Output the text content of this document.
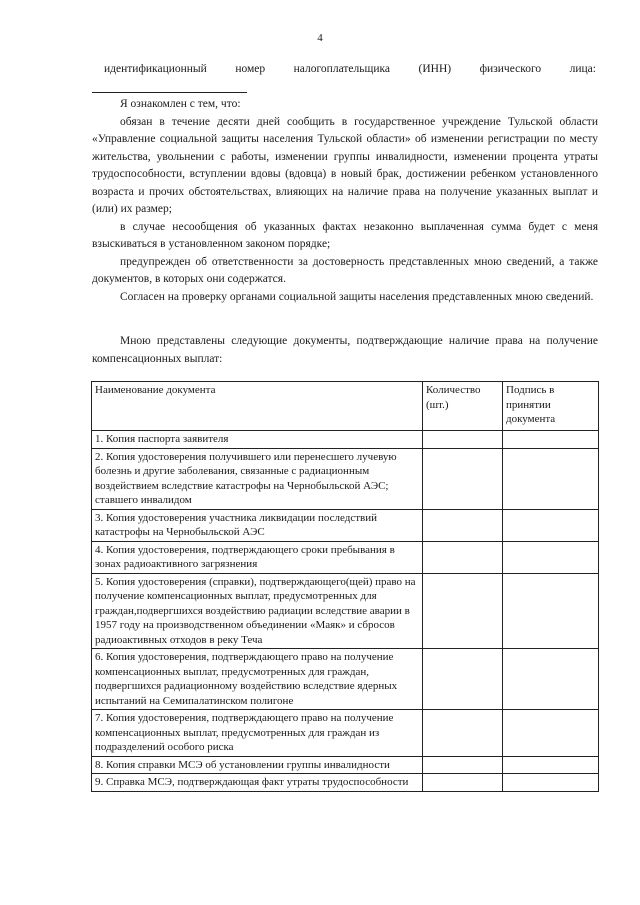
4
идентификационный номер налогоплательщика (ИНН) физического лица:

Я ознакомлен с тем, что:

обязан в течение десяти дней сообщить в государственное учреждение Тульской области «Управление социальной защиты населения Тульской области» об изменении регистрации по месту жительства, увольнении с работы, изменении группы инвалидности, изменении процента утраты трудоспособности, вступлении вдовы (вдовца) в новый брак, достижении ребенком установленного возраста и прочих обстоятельствах, влияющих на наличие права на получение указанных выплат и (или) их размер;

в случае несообщения об указанных фактах незаконно выплаченная сумма будет с меня взыскиваться в установленном законом порядке;

предупрежден об ответственности за достоверность представленных мною сведений, а также документов, в которых они содержатся.

Согласен на проверку органами социальной защиты населения представленных мною сведений.

Мною представлены следующие документы, подтверждающие наличие права на получение компенсационных выплат:

Наименование документа	Количество (шт.)	Подпись в принятии документа
1. Копия паспорта заявителя		
2. Копия удостоверения получившего или перенесшего лучевую болезнь и другие заболевания, связанные с радиационным воздействием вследствие катастрофы на Чернобыльской АЭС; ставшего инвалидом		
3. Копия удостоверения участника ликвидации последствий катастрофы на Чернобыльской АЭС		
4. Копия удостоверения, подтверждающего сроки пребывания в зонах радиоактивного загрязнения		
5. Копия удостоверения (справки), подтверждающего(щей) право на получение компенсационных выплат, предусмотренных для граждан,подвергшихся воздействию радиации вследствие аварии в 1957 году на производственном объединении «Маяк» и сбросов радиоактивных отходов в реку Теча		
6. Копия удостоверения, подтверждающего право на получение компенсационных выплат, предусмотренных для граждан, подвергшихся радиационному воздействию вследствие ядерных испытаний на Семипалатинском полигоне		
7. Копия удостоверения, подтверждающего право на получение компенсационных выплат, предусмотренных для граждан из подразделений особого риска		
8. Копия справки МСЭ об установлении группы инвалидности		
9. Справка МСЭ, подтверждающая факт утраты трудоспособности		
